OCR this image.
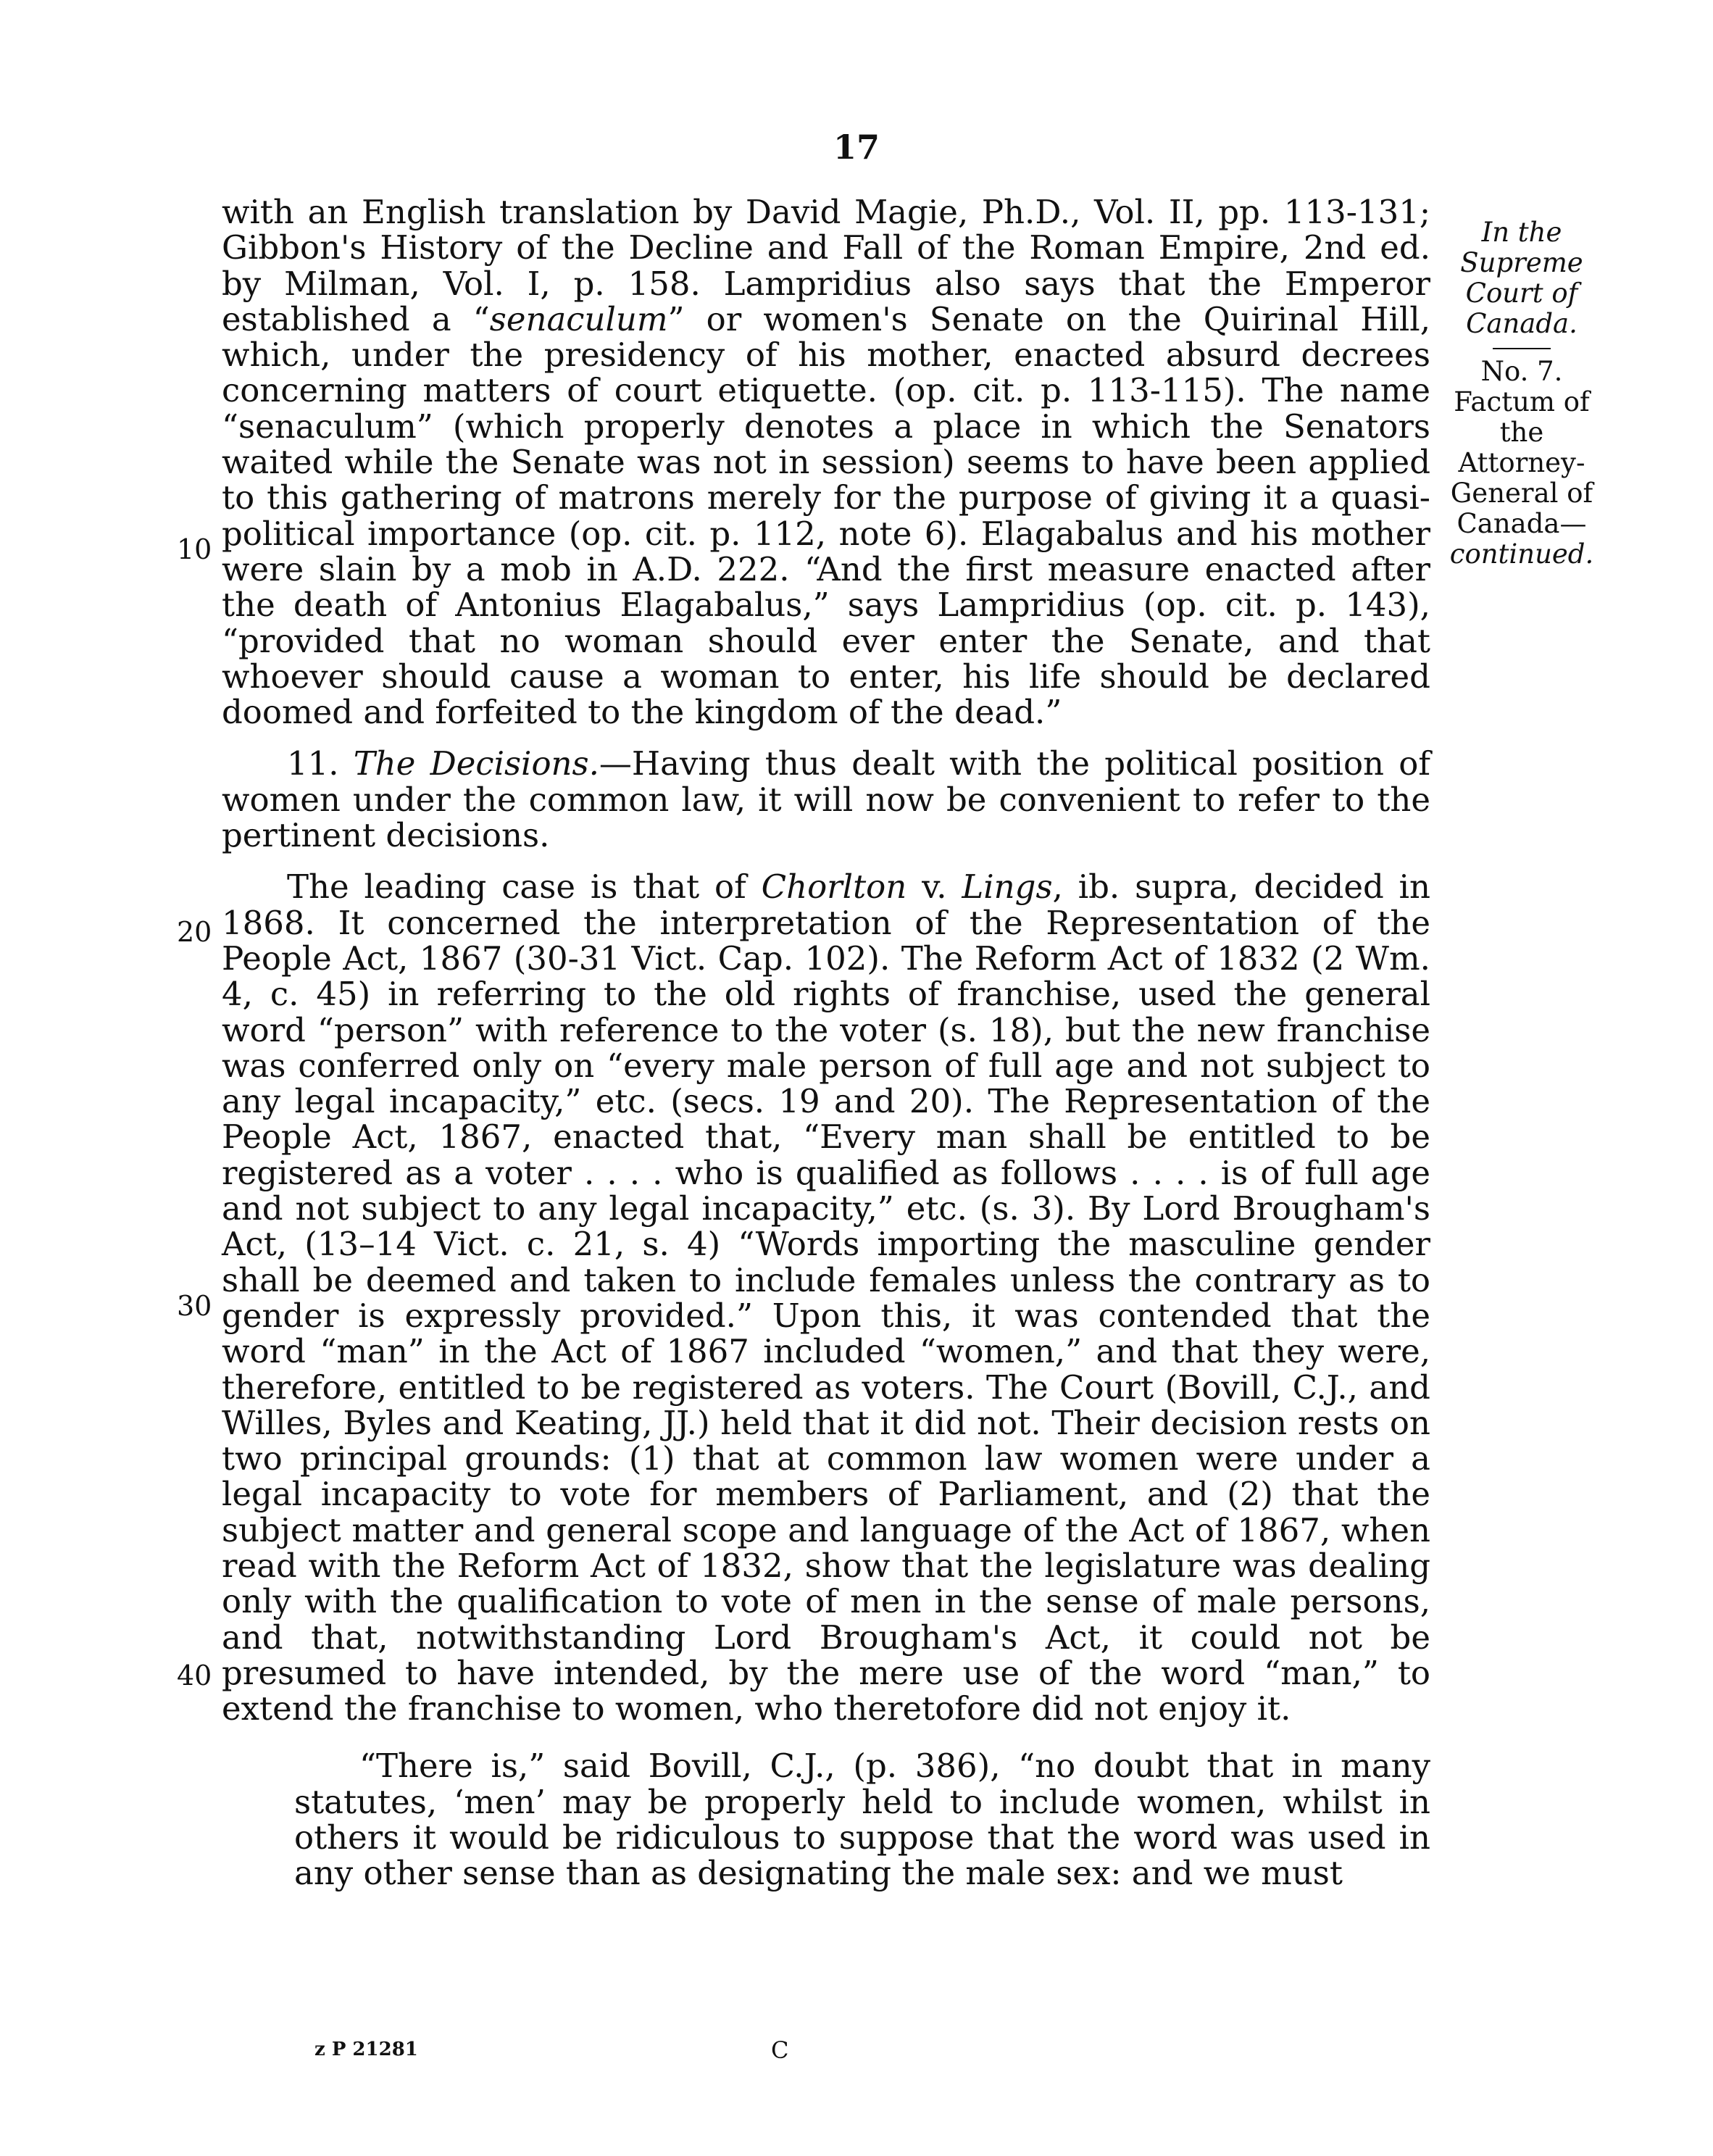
17
In the Supreme Court of Canada.
No. 7.
Factum of the Attorney-General of Canada—
continued.
10
20
30
40

with an English translation by David Magie, Ph.D., Vol. II, pp. 113-131; Gibbon's History of the Decline and Fall of the Roman Empire, 2nd ed. by Milman, Vol. I, p. 158. Lampridius also says that the Emperor established a “senaculum” or women's Senate on the Quirinal Hill, which, under the presidency of his mother, enacted absurd decrees concerning matters of court etiquette. (op. cit. p. 113-115). The name “senaculum” (which properly denotes a place in which the Senators waited while the Senate was not in session) seems to have been applied to this gathering of matrons merely for the purpose of giving it a quasi-political importance (op. cit. p. 112, note 6). Elagabalus and his mother were slain by a mob in A.D. 222. “And the first measure enacted after the death of Antonius Elagabalus,” says Lampridius (op. cit. p. 143), “provided that no woman should ever enter the Senate, and that whoever should cause a woman to enter, his life should be declared doomed and forfeited to the kingdom of the dead.”

11. The Decisions.—Having thus dealt with the political position of women under the common law, it will now be convenient to refer to the pertinent decisions.

The leading case is that of Chorlton v. Lings, ib. supra, decided in 1868. It concerned the interpretation of the Representation of the People Act, 1867 (30-31 Vict. Cap. 102). The Reform Act of 1832 (2 Wm. 4, c. 45) in referring to the old rights of franchise, used the general word “person” with reference to the voter (s. 18), but the new franchise was conferred only on “every male person of full age and not subject to any legal incapacity,” etc. (secs. 19 and 20). The Representation of the People Act, 1867, enacted that, “Every man shall be entitled to be registered as a voter . . . . who is qualified as follows . . . . is of full age and not subject to any legal incapacity,” etc. (s. 3). By Lord Brougham's Act, (13–14 Vict. c. 21, s. 4) “Words importing the masculine gender shall be deemed and taken to include females unless the contrary as to gender is expressly provided.” Upon this, it was contended that the word “man” in the Act of 1867 included “women,” and that they were, therefore, entitled to be registered as voters. The Court (Bovill, C.J., and Willes, Byles and Keating, JJ.) held that it did not. Their decision rests on two principal grounds: (1) that at common law women were under a legal incapacity to vote for members of Parliament, and (2) that the subject matter and general scope and language of the Act of 1867, when read with the Reform Act of 1832, show that the legislature was dealing only with the qualification to vote of men in the sense of male persons, and that, notwithstanding Lord Brougham's Act, it could not be presumed to have intended, by the mere use of the word “man,” to extend the franchise to women, who theretofore did not enjoy it.

“There is,” said Bovill, C.J., (p. 386), “no doubt that in many statutes, ‘men’ may be properly held to include women, whilst in others it would be ridiculous to suppose that the word was used in any other sense than as designating the male sex: and we must

z P 21281	C
